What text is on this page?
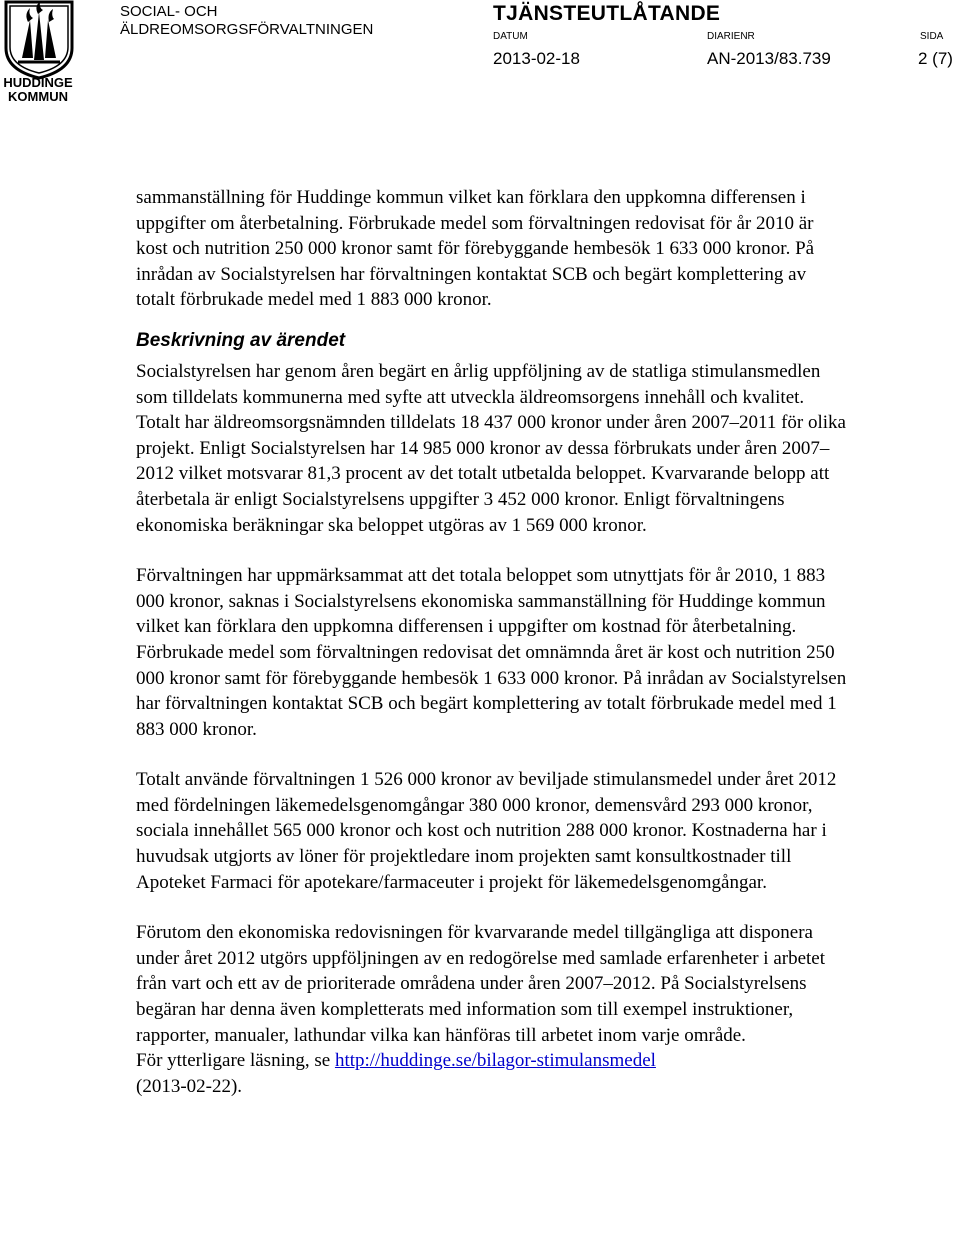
HUDDINGE
KOMMUN
SOCIAL- OCH
ÄLDREOMSORGSFÖRVALTNINGEN
TJÄNSTEUTLÅTANDE
DATUM	DIARIENR	SIDA
2013-02-18	AN-2013/83.739	2 (7)

sammanställning för Huddinge kommun vilket kan förklara den uppkomna differensen i uppgifter om återbetalning. Förbrukade medel som förvaltningen redovisat för år 2010 är kost och nutrition 250 000 kronor samt för förebyggande hembesök 1 633 000 kronor. På inrådan av Socialstyrelsen har förvaltningen kontaktat SCB och begärt komplettering av totalt förbrukade medel med 1 883 000 kronor.

Beskrivning av ärendet

Socialstyrelsen har genom åren begärt en årlig uppföljning av de statliga stimulansmedlen som tilldelats kommunerna med syfte att utveckla äldreomsorgens innehåll och kvalitet. Totalt har äldreomsorgsnämnden tilldelats 18 437 000 kronor under åren 2007–2011 för olika projekt. Enligt Socialstyrelsen har 14 985 000 kronor av dessa förbrukats under åren 2007–2012 vilket motsvarar 81,3 procent av det totalt utbetalda beloppet. Kvarvarande belopp att återbetala är enligt Socialstyrelsens uppgifter 3 452 000 kronor. Enligt förvaltningens ekonomiska beräkningar ska beloppet utgöras av 1 569 000 kronor.

Förvaltningen har uppmärksammat att det totala beloppet som utnyttjats för år 2010, 1 883 000 kronor, saknas i Socialstyrelsens ekonomiska sammanställning för Huddinge kommun vilket kan förklara den uppkomna differensen i uppgifter om kostnad för återbetalning. Förbrukade medel som förvaltningen redovisat det omnämnda året är kost och nutrition 250 000 kronor samt för förebyggande hembesök 1 633 000 kronor. På inrådan av Socialstyrelsen har förvaltningen kontaktat SCB och begärt komplettering av totalt förbrukade medel med 1 883 000 kronor.

Totalt använde förvaltningen 1 526 000 kronor av beviljade stimulansmedel under året 2012 med fördelningen läkemedelsgenomgångar 380 000 kronor, demensvård 293 000 kronor, sociala innehållet 565 000 kronor och kost och nutrition 288 000 kronor. Kostnaderna har i huvudsak utgjorts av löner för projektledare inom projekten samt konsultkostnader till Apoteket Farmaci för apotekare/farmaceuter i projekt för läkemedelsgenomgångar.

Förutom den ekonomiska redovisningen för kvarvarande medel tillgängliga att disponera under året 2012 utgörs uppföljningen av en redogörelse med samlade erfarenheter i arbetet från vart och ett av de prioriterade områdena under åren 2007–2012. På Socialstyrelsens begäran har denna även kompletterats med information som till exempel instruktioner, rapporter, manualer, lathundar vilka kan hänföras till arbetet inom varje område.

För ytterligare läsning, se http://huddinge.se/bilagor-stimulansmedel
(2013-02-22).
